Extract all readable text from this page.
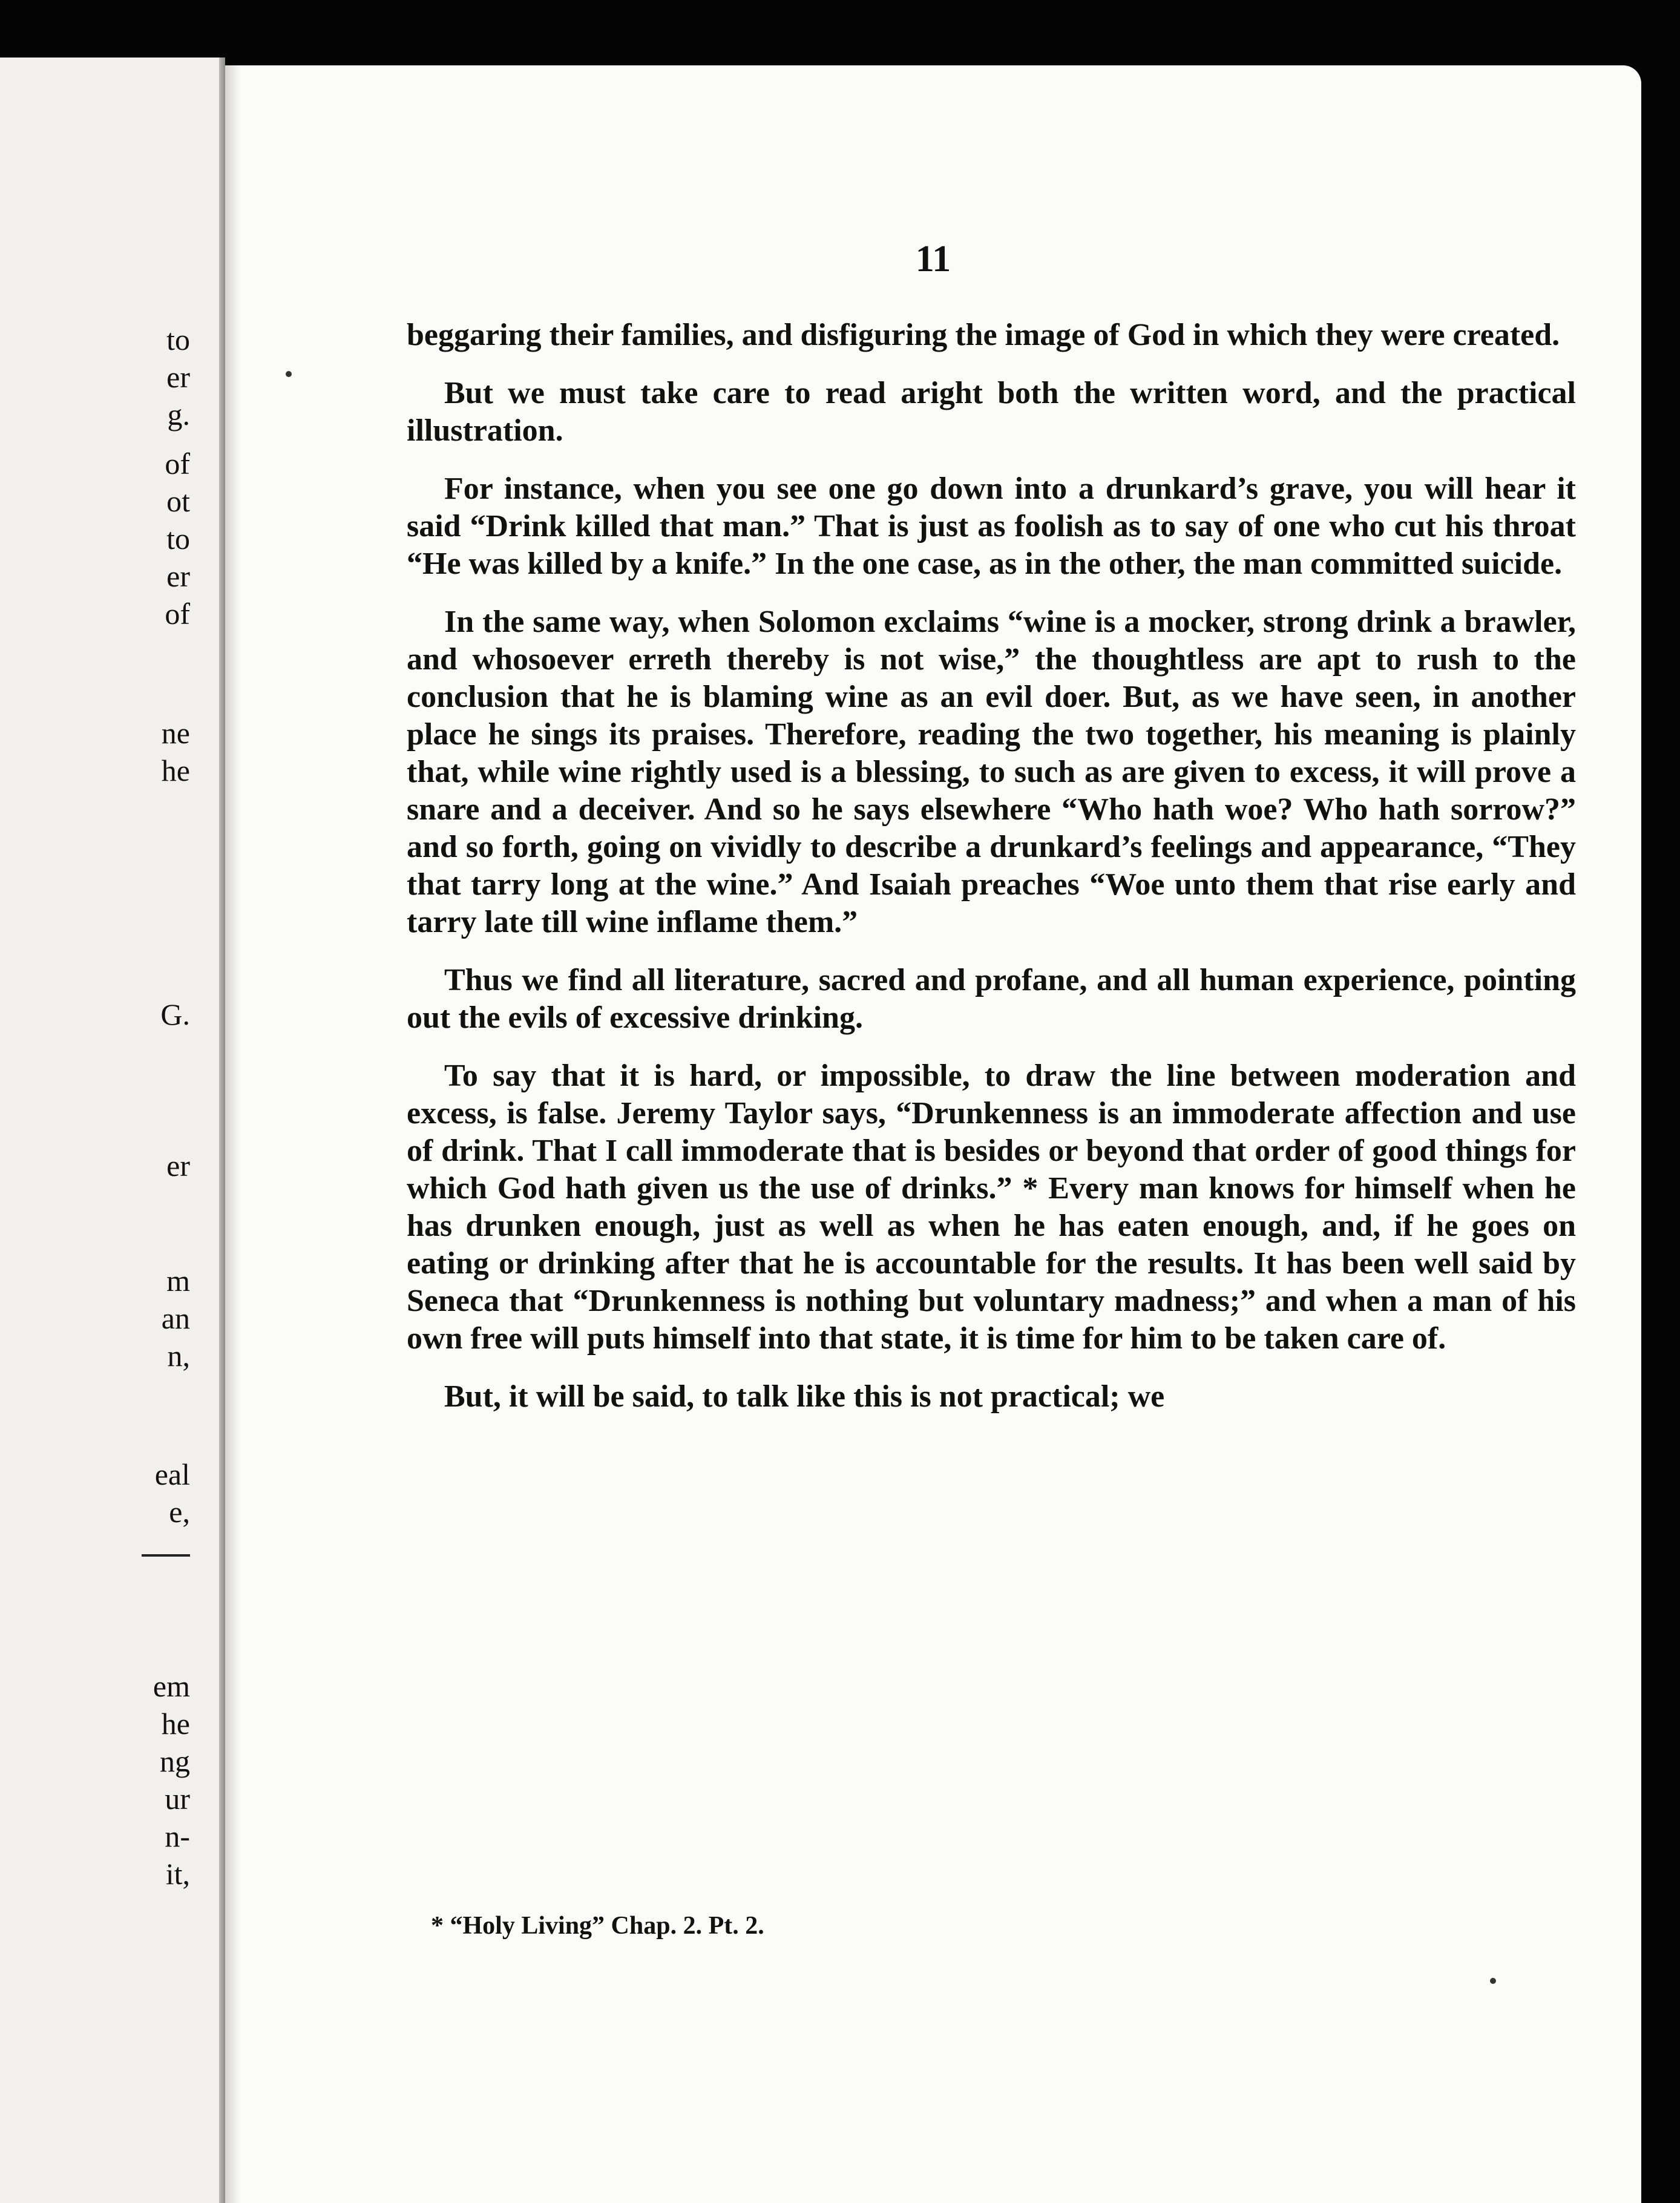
to
er
g.
of
ot
to
er
of
ne
he
G.
er
m
an
n,
eal
e,
em
he
ng
ur
n-
it,
11

beggaring their families, and disfiguring the image of God in which they were created.

But we must take care to read aright both the written word, and the practical illustration.

For instance, when you see one go down into a drunkard’s grave, you will hear it said “Drink killed that man.” That is just as foolish as to say of one who cut his throat “He was killed by a knife.” In the one case, as in the other, the man committed suicide.

In the same way, when Solomon exclaims “wine is a mocker, strong drink a brawler, and whosoever erreth thereby is not wise,” the thoughtless are apt to rush to the conclusion that he is blaming wine as an evil doer. But, as we have seen, in another place he sings its praises. Therefore, reading the two together, his meaning is plainly that, while wine rightly used is a blessing, to such as are given to excess, it will prove a snare and a deceiver. And so he says elsewhere “Who hath woe? Who hath sorrow?” and so forth, going on vividly to describe a drunkard’s feelings and appearance, “They that tarry long at the wine.” And Isaiah preaches “Woe unto them that rise early and tarry late till wine inflame them.”

Thus we find all literature, sacred and profane, and all human experience, pointing out the evils of excessive drinking.

To say that it is hard, or impossible, to draw the line between moderation and excess, is false. Jeremy Taylor says, “Drunkenness is an immoderate affection and use of drink. That I call immoderate that is besides or beyond that order of good things for which God hath given us the use of drinks.” * Every man knows for himself when he has drunken enough, just as well as when he has eaten enough, and, if he goes on eating or drinking after that he is accountable for the results. It has been well said by Seneca that “Drunkenness is nothing but voluntary madness;” and when a man of his own free will puts himself into that state, it is time for him to be taken care of.

But, it will be said, to talk like this is not practical; we

* “Holy Living” Chap. 2. Pt. 2.
